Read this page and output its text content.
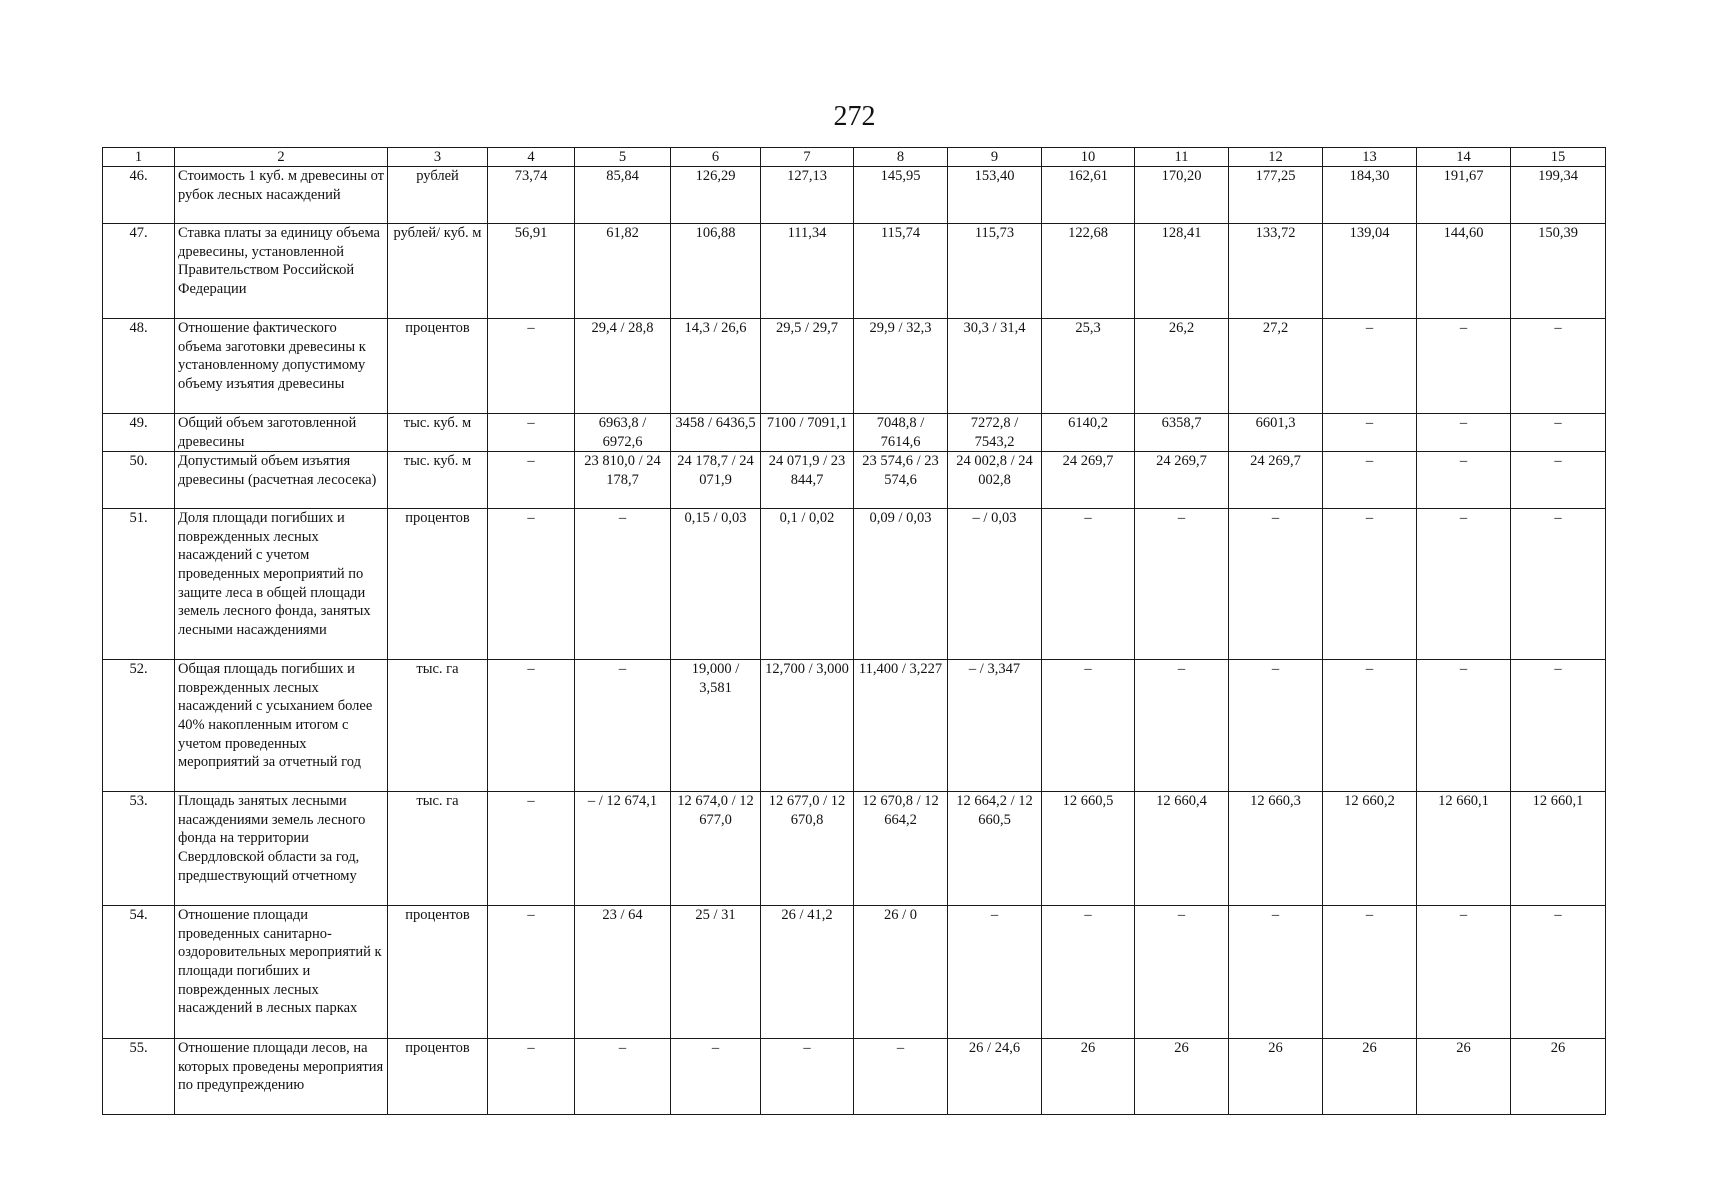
272
1	2	3	4	5	6	7	8	9	10	11	12	13	14	15
46.	Стоимость 1 куб. м древесины от рубок лесных насаждений	рублей	73,74	85,84	126,29	127,13	145,95	153,40	162,61	170,20	177,25	184,30	191,67	199,34
47.	Ставка платы за единицу объема древесины, установленной Правительством Российской Федерации	рублей/ куб. м	56,91	61,82	106,88	111,34	115,74	115,73	122,68	128,41	133,72	139,04	144,60	150,39
48.	Отношение фактического объема заготовки древесины к установленному допустимому объему изъятия древесины	процентов	–	29,4 / 28,8	14,3 / 26,6	29,5 / 29,7	29,9 / 32,3	30,3 / 31,4	25,3	26,2	27,2	–	–	–
49.	Общий объем заготовленной древесины	тыс. куб. м	–	6963,8 / 6972,6	3458 / 6436,5	7100 / 7091,1	7048,8 / 7614,6	7272,8 / 7543,2	6140,2	6358,7	6601,3	–	–	–
50.	Допустимый объем изъятия древесины (расчетная лесосека)	тыс. куб. м	–	23 810,0 / 24 178,7	24 178,7 / 24 071,9	24 071,9 / 23 844,7	23 574,6 / 23 574,6	24 002,8 / 24 002,8	24 269,7	24 269,7	24 269,7	–	–	–
51.	Доля площади погибших и поврежденных лесных насаждений с учетом проведенных мероприятий по защите леса в общей площади земель лесного фонда, занятых лесными насаждениями	процентов	–	–	0,15 / 0,03	0,1 / 0,02	0,09 / 0,03	– / 0,03	–	–	–	–	–	–
52.	Общая площадь погибших и поврежденных лесных насаждений с усыханием более 40% накопленным итогом с учетом проведенных мероприятий за отчетный год	тыс. га	–	–	19,000 / 3,581	12,700 / 3,000	11,400 / 3,227	– / 3,347	–	–	–	–	–	–
53.	Площадь занятых лесными насаждениями земель лесного фонда на территории Свердловской области за год, предшествующий отчетному	тыс. га	–	– / 12 674,1	12 674,0 / 12 677,0	12 677,0 / 12 670,8	12 670,8 / 12 664,2	12 664,2 / 12 660,5	12 660,5	12 660,4	12 660,3	12 660,2	12 660,1	12 660,1
54.	Отношение площади проведенных санитарно-оздоровительных мероприятий к площади погибших и поврежденных лесных насаждений в лесных парках	процентов	–	23 / 64	25 / 31	26 / 41,2	26 / 0	–	–	–	–	–	–	–
55.	Отношение площади лесов, на которых проведены мероприятия по предупреждению	процентов	–	–	–	–	–	26 / 24,6	26	26	26	26	26	26
